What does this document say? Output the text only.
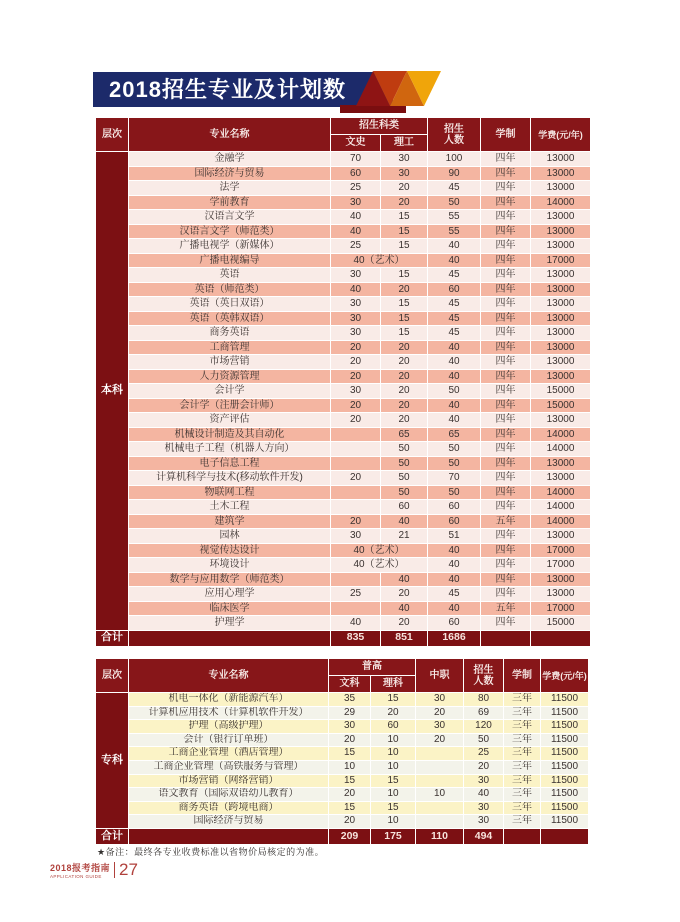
2018招生专业及计划数
层次	专业名称	招生科类		招生人数	学制	学费(元/年)
		文史	理工			
本科	金融学	70	30	100	四年	13000
	国际经济与贸易	60	30	90	四年	13000
	法学	25	20	45	四年	13000
	学前教育	30	20	50	四年	14000
	汉语言文学	40	15	55	四年	13000
	汉语言文学（师范类）	40	15	55	四年	13000
	广播电视学（新媒体）	25	15	40	四年	13000
	广播电视编导	40（艺术）		40	四年	17000
	英语	30	15	45	四年	13000
	英语（师范类）	40	20	60	四年	13000
	英语（英日双语）	30	15	45	四年	13000
	英语（英韩双语）	30	15	45	四年	13000
	商务英语	30	15	45	四年	13000
	工商管理	20	20	40	四年	13000
	市场营销	20	20	40	四年	13000
	人力资源管理	20	20	40	四年	13000
	会计学	30	20	50	四年	15000
	会计学（注册会计师）	20	20	40	四年	15000
	资产评估	20	20	40	四年	13000
	机械设计制造及其自动化		65	65	四年	14000
	机械电子工程（机器人方向）		50	50	四年	14000
	电子信息工程		50	50	四年	13000
	计算机科学与技术(移动软件开发)	20	50	70	四年	13000
	物联网工程		50	50	四年	14000
	土木工程		60	60	四年	14000
	建筑学	20	40	60	五年	14000
	园林	30	21	51	四年	13000
	视觉传达设计	40（艺术）		40	四年	17000
	环境设计	40（艺术）		40	四年	17000
	数学与应用数学（师范类）		40	40	四年	13000
	应用心理学	25	20	45	四年	13000
	临床医学		40	40	五年	17000
	护理学	40	20	60	四年	15000
合计		835	851	1686		
层次	专业名称	普高		中职	招生人数	学制	学费(元/年)
		文科	理科				
专科	机电一体化（新能源汽车）	35	15	30	80	三年	11500
	计算机应用技术（计算机软件开发）	29	20	20	69	三年	11500
	护理（高级护理）	30	60	30	120	三年	11500
	会计（银行订单班）	20	10	20	50	三年	11500
	工商企业管理（酒店管理）	15	10		25	三年	11500
	工商企业管理（高铁服务与管理）	10	10		20	三年	11500
	市场营销（网络营销）	15	15		30	三年	11500
	语文教育（国际双语幼儿教育）	20	10	10	40	三年	11500
	商务英语（跨境电商）	15	15		30	三年	11500
	国际经济与贸易	20	10		30	三年	11500
合计		209	175	110	494		
★备注：最终各专业收费标准以省物价局核定的为准。
2018报考指南
APPLICATION GUIDE	27
